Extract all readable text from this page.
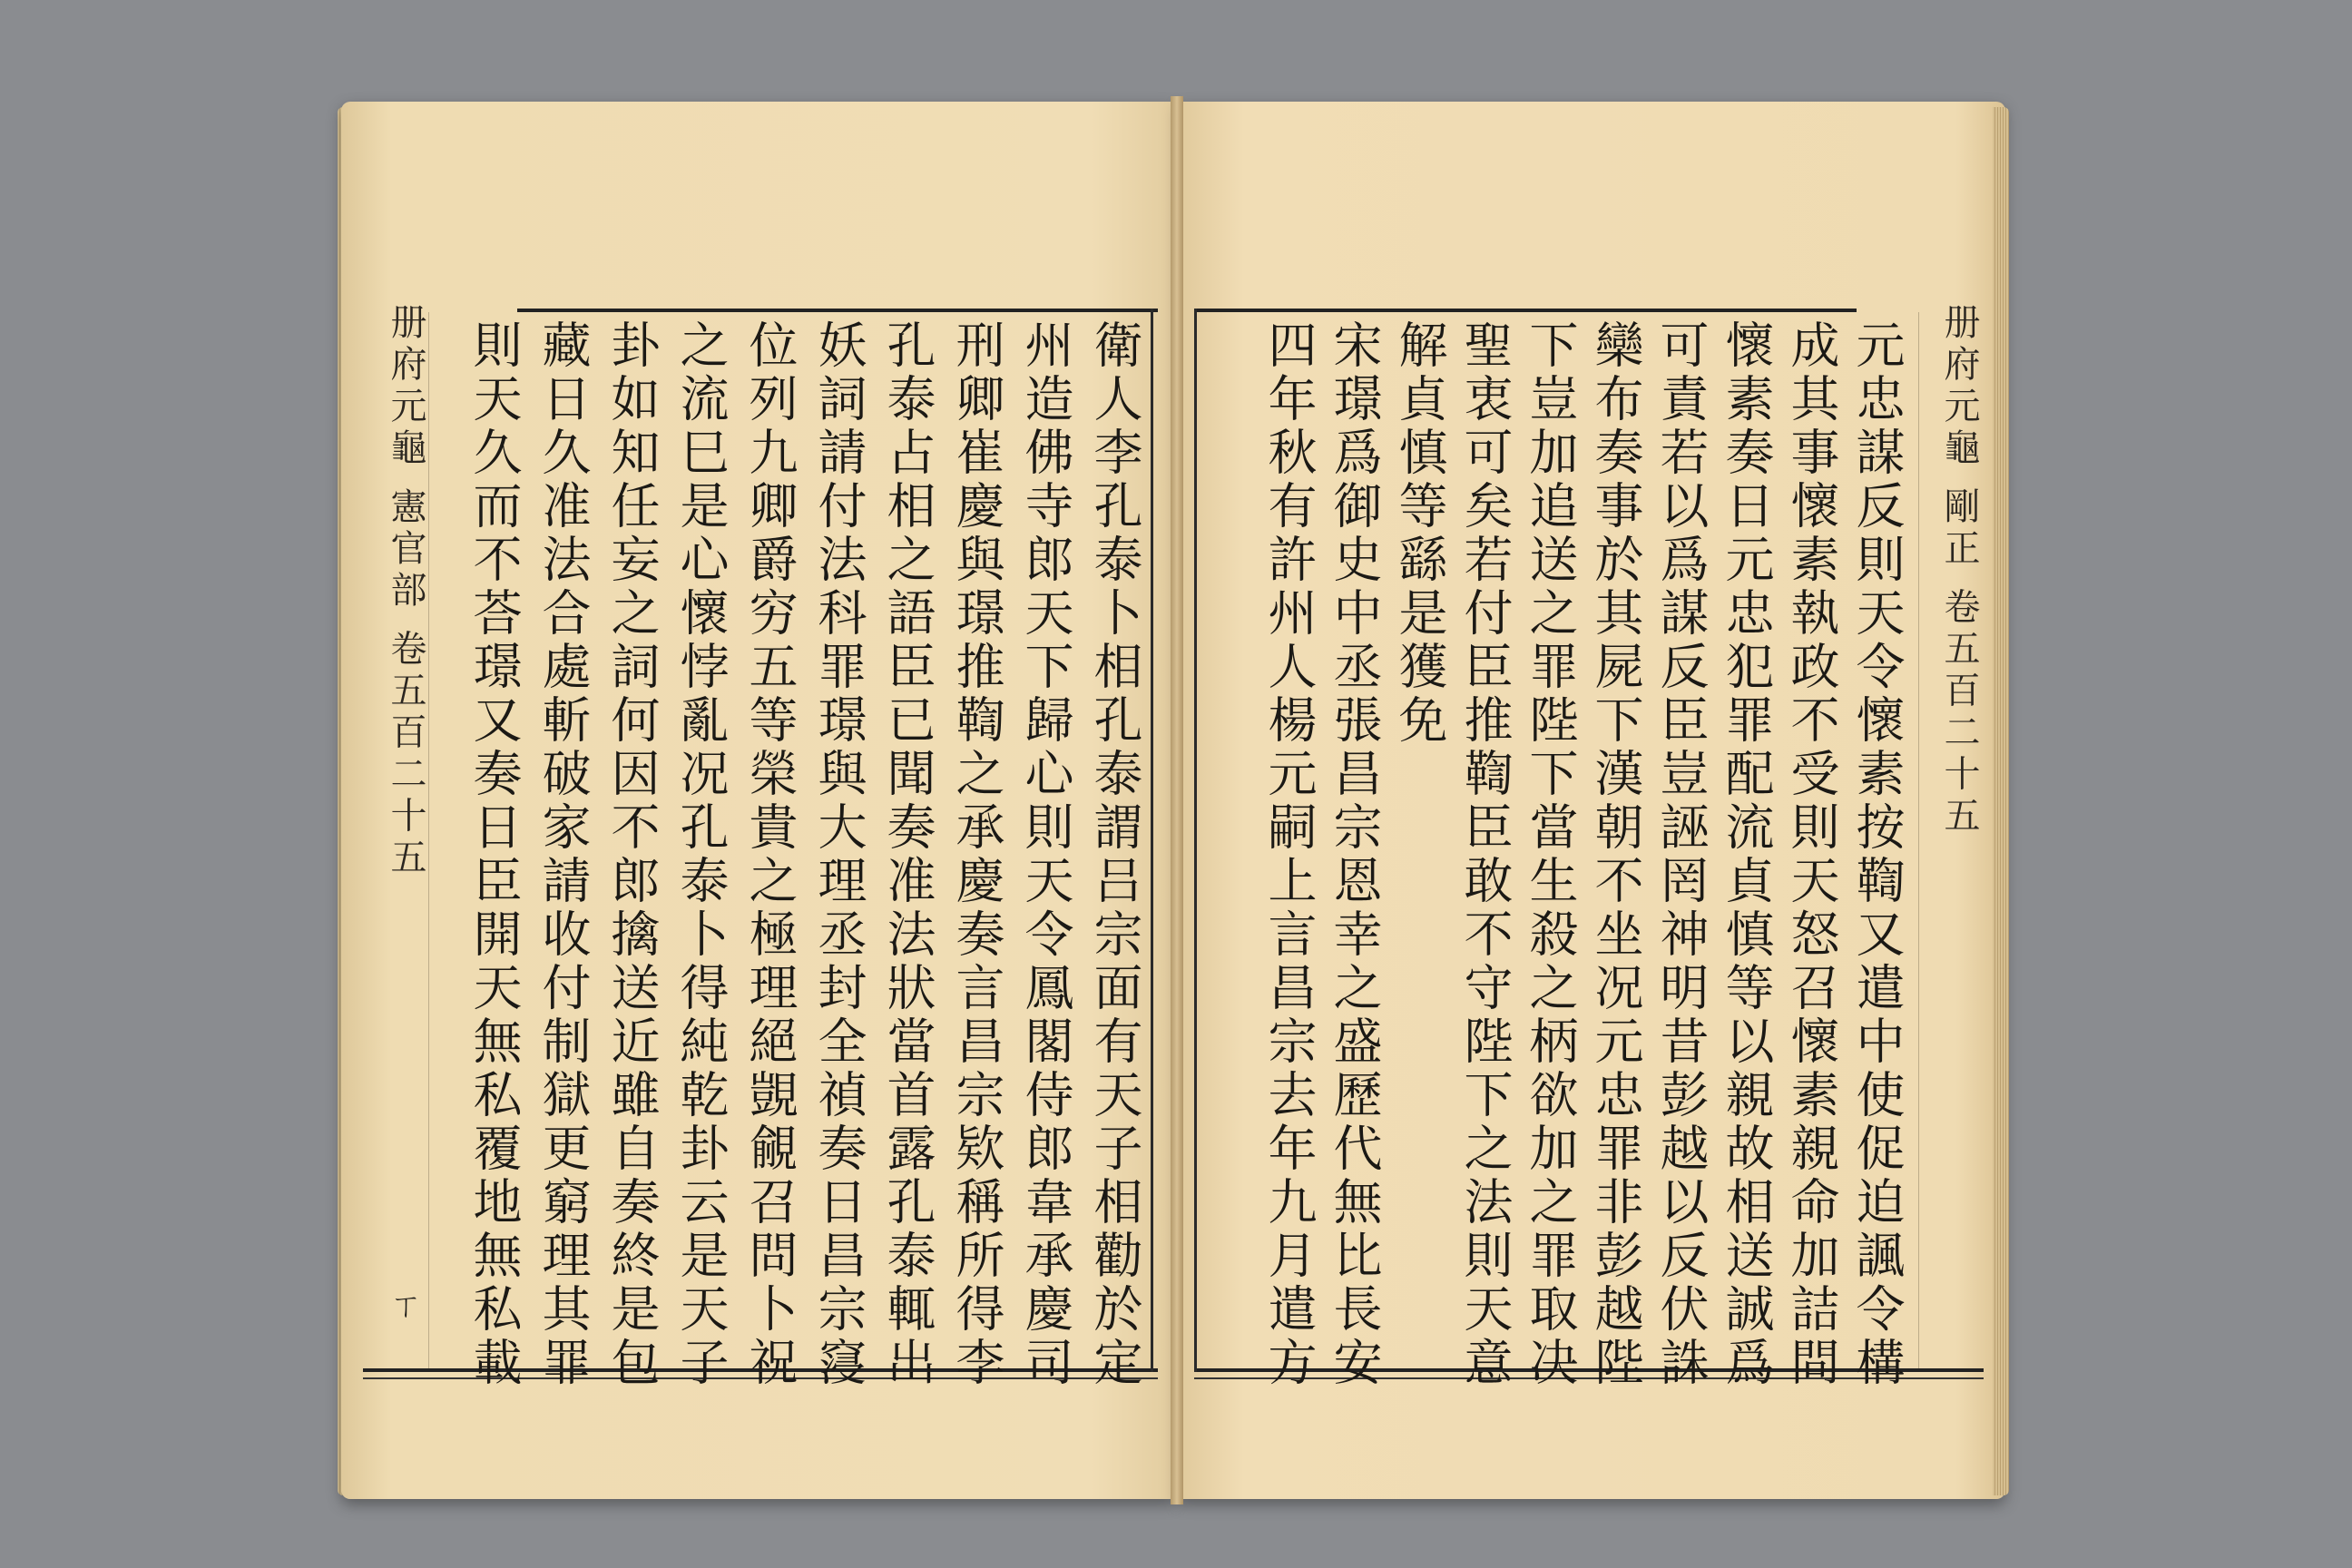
册府元龜 憲官部 卷五百二十五
ㄒ	衛人李孔泰卜相孔泰謂吕宗面有天子相勸於定
州造佛寺郎天下歸心則天令鳳閣侍郎韋承慶司
刑卿崔慶與璟推鞫之承慶奏言昌宗欵稱所得李
孔泰占相之語臣已聞奏准法狀當首露孔泰輒出
妖詞請付法科罪璟與大理丞封全禎奏日昌宗䆮
位列九卿爵穷五等榮貴之極理絕覬覦召問卜祝
之流巳是心懷悖亂况孔泰卜得純乾卦云是天子
卦如知任妄之詞何因不郎擒送近雖自奏終是包
藏日久准法合處斬破家請收付制獄更窮理其罪
則天久而不荅璟又奏日臣開天無私覆地無私載	册府元龜 剛正 卷五百二十五
元忠謀反則天令懷素按鞫又遣中使促迫諷令構
成其事懷素執政不受則天怒召懷素親命加詰問
懷素奏日元忠犯罪配流貞慎等以親故相送誠爲
可責若以爲謀反臣豈誣罔神明昔彭越以反伏誅
欒布奏事於其屍下漢朝不坐况元忠罪非彭越陛
下豈加追送之罪陛下當生殺之柄欲加之罪取决
聖衷可矣若付臣推鞫臣敢不守陛下之法則天意
解貞慎等繇是獲免
宋璟爲御史中丞張昌宗恩幸之盛歷代無比長安
四年秋有許州人楊元嗣上言昌宗去年九月遣方
